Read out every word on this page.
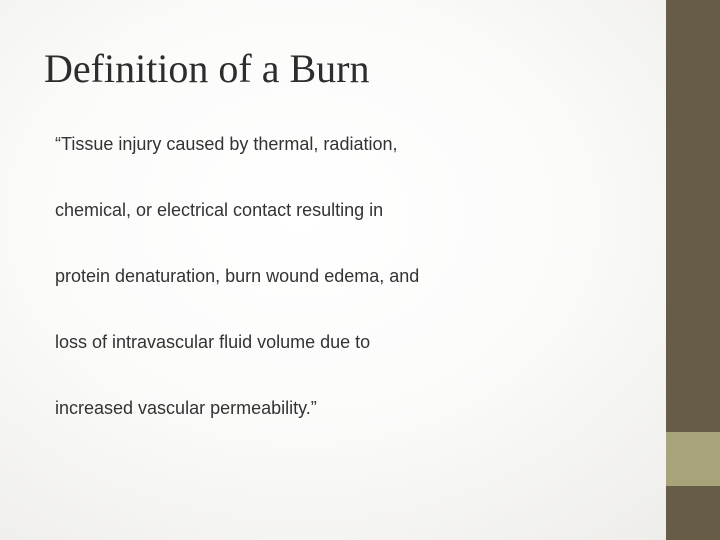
Definition of a Burn
“Tissue injury caused by thermal, radiation,
chemical, or electrical contact resulting in
protein denaturation, burn wound edema, and
loss of intravascular fluid volume due to
increased vascular permeability.”
